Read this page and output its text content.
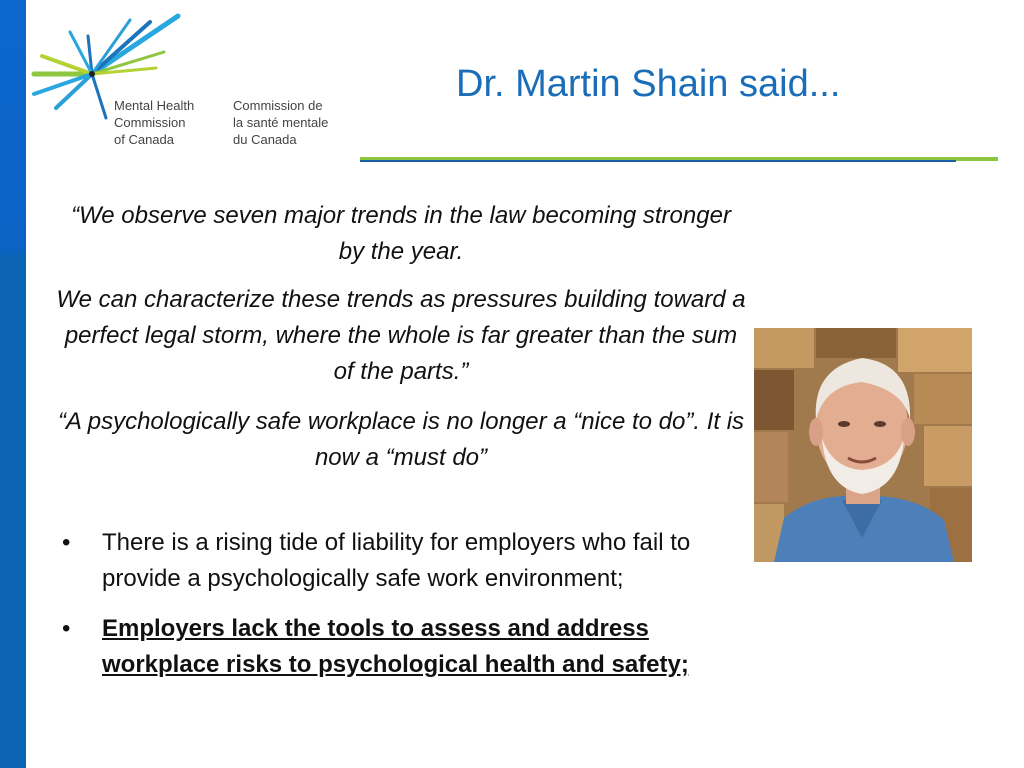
Mental Health
Commission
of Canada
Commission de
la santé mentale
du Canada
Dr. Martin Shain said...

“We observe seven major trends in the law becoming stronger by the year.

We can characterize these trends as pressures building toward a perfect legal storm, where the whole is far greater than the sum of the parts.”

“A psychologically safe workplace is no longer a “nice to do”. It is now a “must do”

• There is a rising tide of liability for employers who fail to provide a psychologically safe work environment;
• Employers lack the tools to assess and address workplace risks to psychological health and safety;
